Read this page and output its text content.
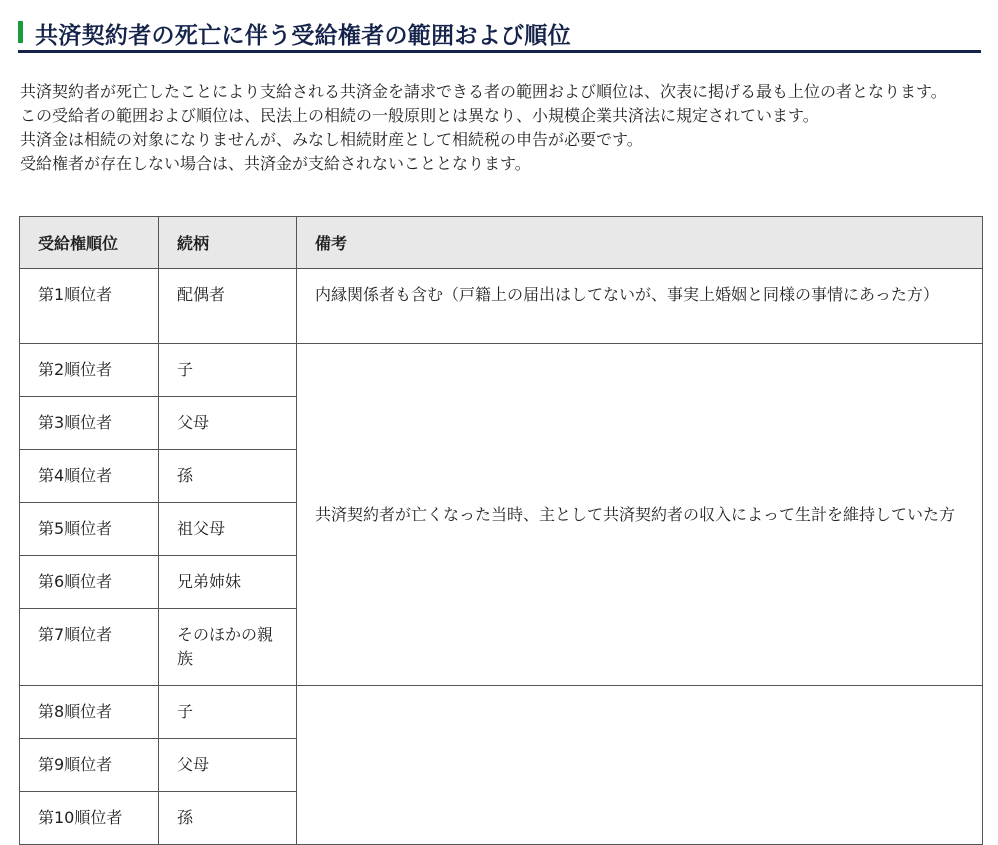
共済契約者の死亡に伴う受給権者の範囲および順位

共済契約者が死亡したことにより支給される共済金を請求できる者の範囲および順位は、次表に掲げる最も上位の者となります。

この受給者の範囲および順位は、民法上の相続の一般原則とは異なり、小規模企業共済法に規定されています。

共済金は相続の対象になりませんが、みなし相続財産として相続税の申告が必要です。

受給権者が存在しない場合は、共済金が支給されないこととなります。

受給権順位	続柄	備考
第1順位者	配偶者	内縁関係者も含む（戸籍上の届出はしてないが、事実上婚姻と同様の事情にあった方）
第2順位者	子	共済契約者が亡くなった当時、主として共済契約者の収入によって生計を維持していた方
第3順位者	父母	
第4順位者	孫	
第5順位者	祖父母	
第6順位者	兄弟姉妹	
第7順位者	そのほかの親族	
第8順位者	子	
第9順位者	父母	
第10順位者	孫	
